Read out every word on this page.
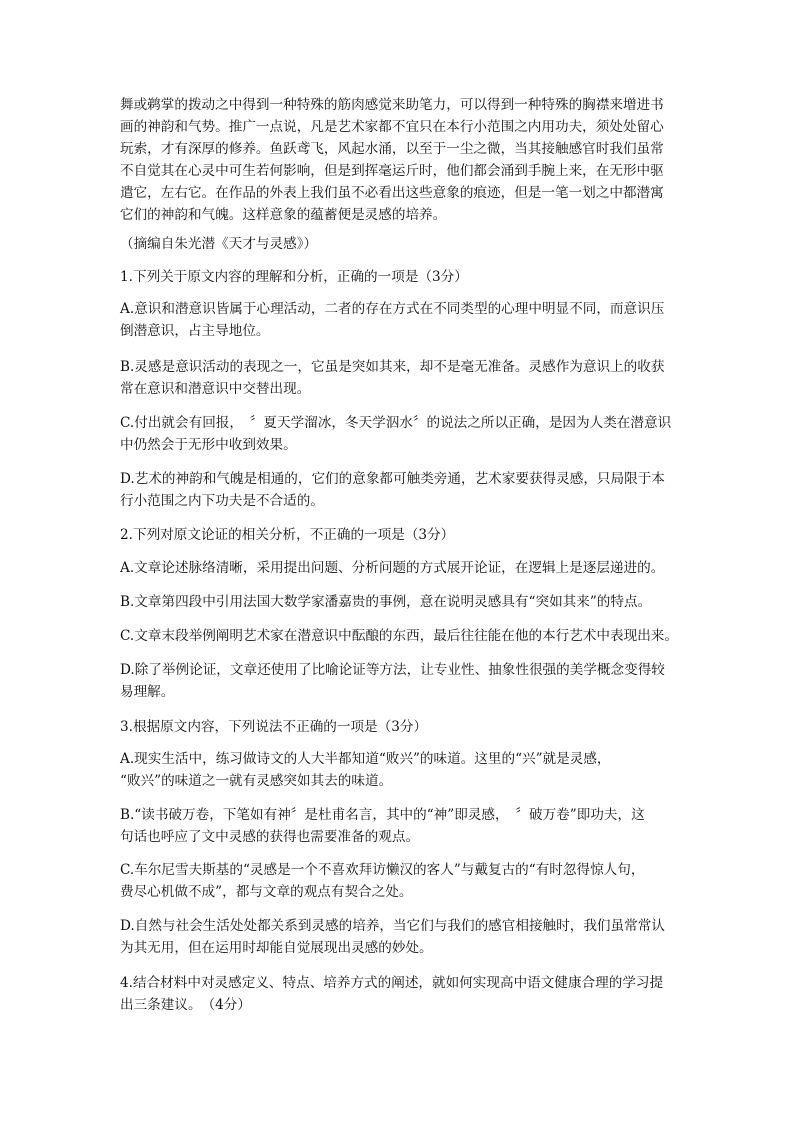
舞或鹈掌的拨动之中得到一种特殊的筋肉感觉来助笔力，可以得到一种特殊的胸襟来增进书
画的神韵和气势。推广一点说，凡是艺术家都不宜只在本行小范围之内用功夫，须处处留心
玩索，才有深厚的修养。鱼跃鸢飞，风起水涌，以至于一尘之微，当其接触感官时我们虽常
不自觉其在心灵中可生若何影响，但是到挥毫运斤时，他们都会涌到手腕上来，在无形中驱
遣它，左右它。在作品的外表上我们虽不必看出这些意象的痕迹，但是一笔一划之中都潜寓
它们的神韵和气魄。这样意象的蕴蓄便是灵感的培养。
（摘编自朱光潜《天才与灵感》）
1.下列关于原文内容的理解和分析，正确的一项是（3分）
A.意识和潜意识皆属于心理活动，二者的存在方式在不同类型的心理中明显不同，而意识压
倒潜意识，占主导地位。
B.灵感是意识活动的表现之一，它虽是突如其来，却不是毫无准备。灵感作为意识上的收获
常在意识和潜意识中交替出现。
C.付出就会有回报，　〞夏天学溜冰，冬天学泅水〞的说法之所以正确，是因为人类在潜意识
中仍然会于无形中收到效果。
D.艺术的神韵和气魄是相通的，它们的意象都可触类旁通，艺术家要获得灵感，只局限于本
行小范围之内下功夫是不合适的。
2.下列对原文论证的相关分析，不正确的一项是（3分）
A.文章论述脉络清晰，采用提出问题、分析问题的方式展开论证，在逻辑上是逐层递进的。
B.文章第四段中引用法国大数学家潘嘉贵的事例，意在说明灵感具有“突如其来”的特点。
C.文章末段举例阐明艺术家在潜意识中酝酿的东西，最后往往能在他的本行艺术中表现出来。
D.除了举例论证，文章还使用了比喻论证等方法，让专业性、抽象性很强的美学概念变得较
易理解。
3.根据原文内容，下列说法不正确的一项是（3分）
A.现实生活中，练习做诗文的人大半都知道“败兴”的味道。这里的“兴”就是灵感，
“败兴”的味道之一就有灵感突如其去的味道。
B.“读书破万卷，下笔如有神〞是杜甫名言，其中的“神”即灵感，　〞破万卷”即功夫，这
句话也呼应了文中灵感的获得也需要准备的观点。
C.车尔尼雪夫斯基的“灵感是一个不喜欢拜访懒汉的客人”与戴复古的“有时忽得惊人句，
费尽心机做不成”，都与文章的观点有契合之处。
D.自然与社会生活处处都关系到灵感的培养，当它们与我们的感官相接触时，我们虽常常认
为其无用，但在运用时却能自觉展现出灵感的妙处。
4.结合材料中对灵感定义、特点、培养方式的阐述，就如何实现高中语文健康合理的学习提
出三条建议。　（4分）
